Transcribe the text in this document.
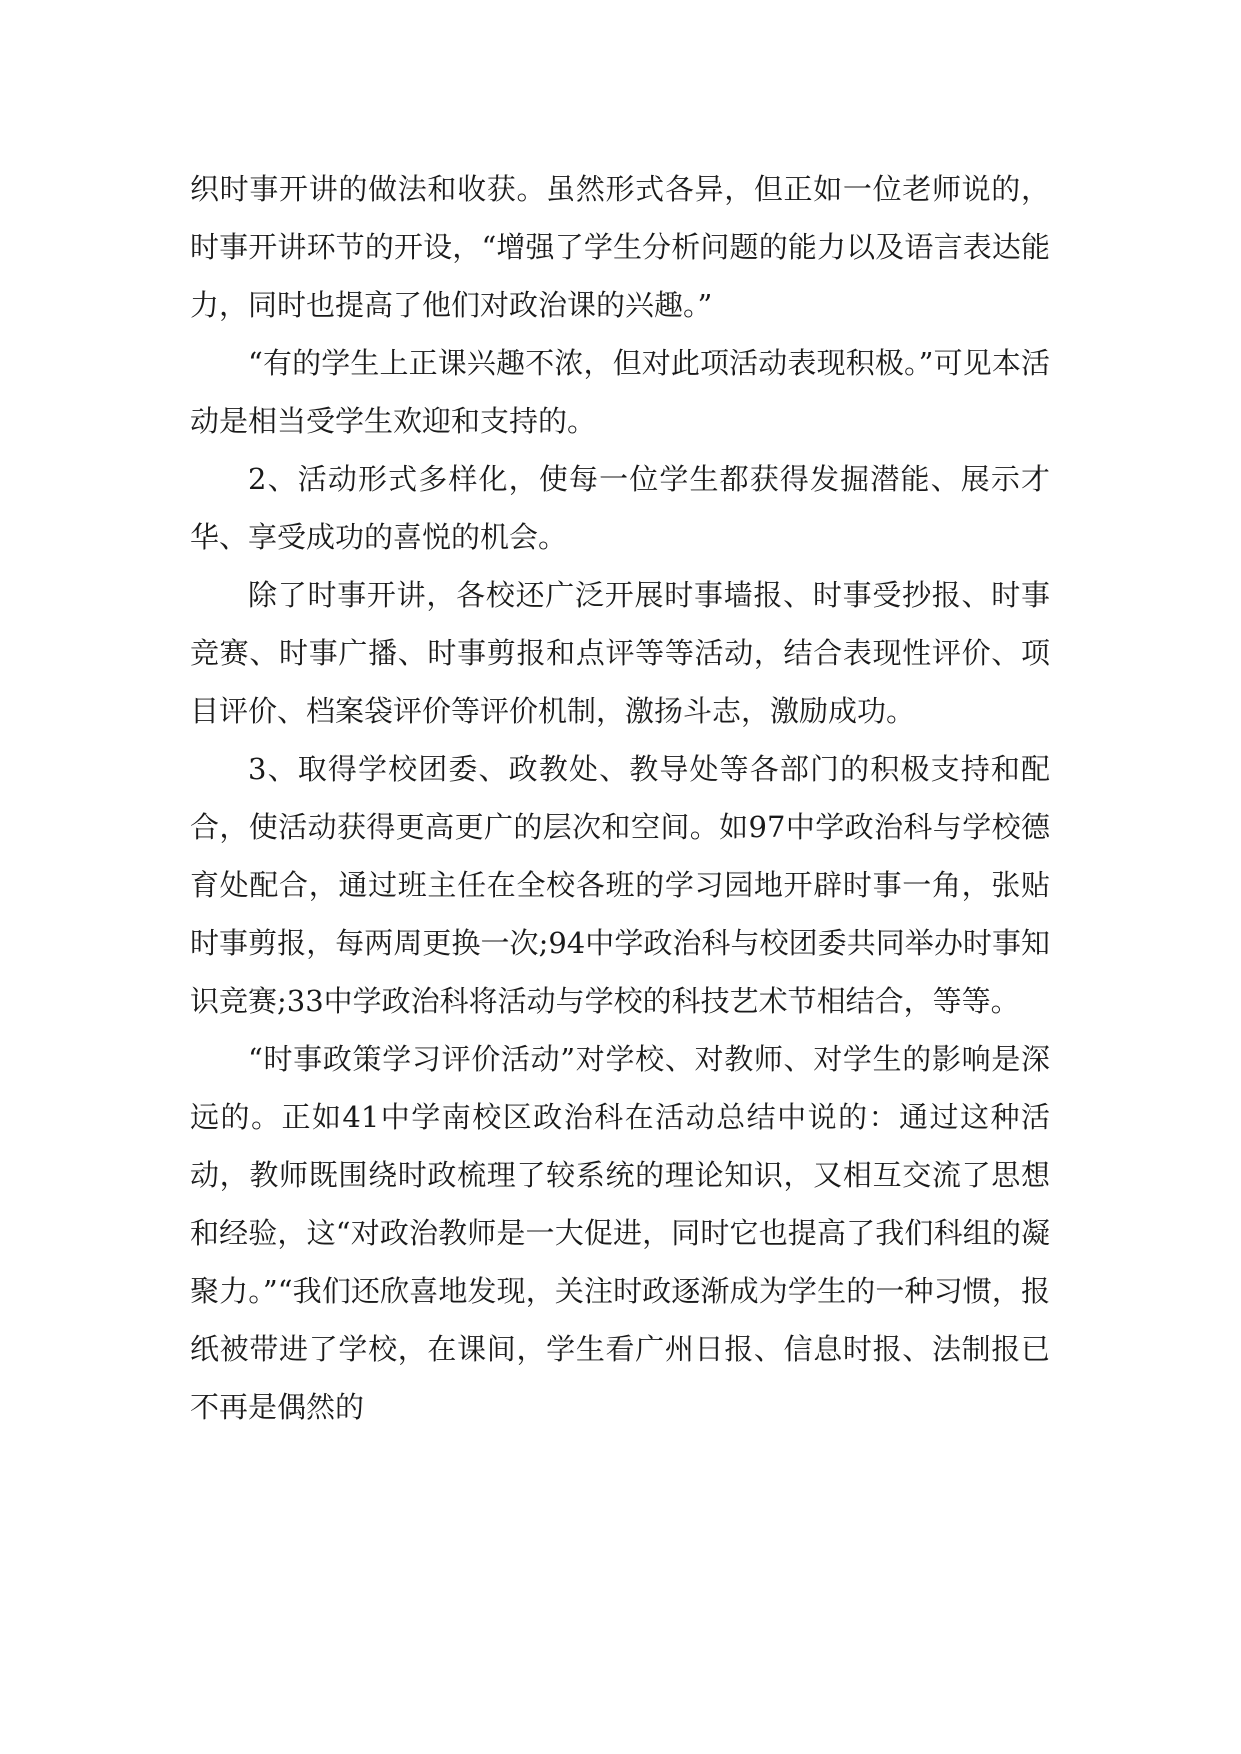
织时事开讲的做法和收获。虽然形式各异，但正如一位老师说的，时事开讲环节的开设，“增强了学生分析问题的能力以及语言表达能力，同时也提高了他们对政治课的兴趣。”

“有的学生上正课兴趣不浓，但对此项活动表现积极。”可见本活动是相当受学生欢迎和支持的。

2、活动形式多样化，使每一位学生都获得发掘潜能、展示才华、享受成功的喜悦的机会。

除了时事开讲，各校还广泛开展时事墙报、时事受抄报、时事竞赛、时事广播、时事剪报和点评等等活动，结合表现性评价、项目评价、档案袋评价等评价机制，激扬斗志，激励成功。

3、取得学校团委、政教处、教导处等各部门的积极支持和配合，使活动获得更高更广的层次和空间。如97中学政治科与学校德育处配合，通过班主任在全校各班的学习园地开辟时事一角，张贴时事剪报，每两周更换一次;94中学政治科与校团委共同举办时事知识竞赛;33中学政治科将活动与学校的科技艺术节相结合，等等。

“时事政策学习评价活动”对学校、对教师、对学生的影响是深远的。正如41中学南校区政治科在活动总结中说的：通过这种活动，教师既围绕时政梳理了较系统的理论知识，又相互交流了思想和经验，这“对政治教师是一大促进，同时它也提高了我们科组的凝聚力。”“我们还欣喜地发现，关注时政逐渐成为学生的一种习惯，报纸被带进了学校，在课间，学生看广州日报、信息时报、法制报已不再是偶然的
